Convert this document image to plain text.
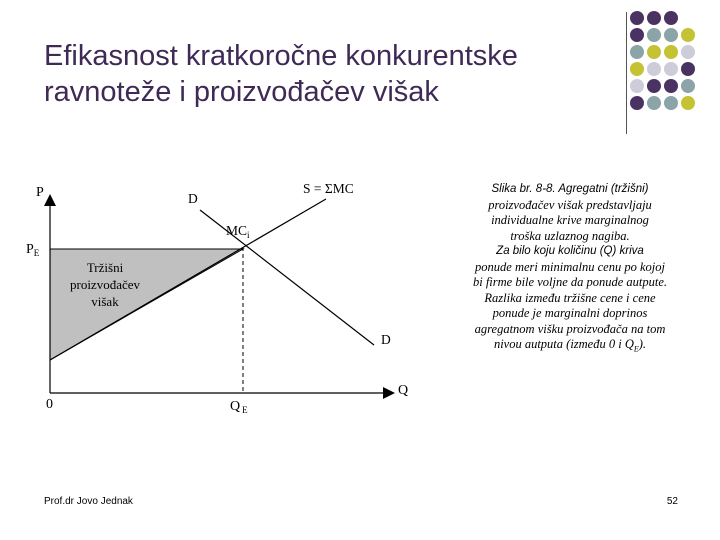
Efikasnost kratkoročne konkurentske
ravnoteže i proizvođačev višak
P
Q
0
$P_E$
Q $_E$
S = ΣMC
D
D
$MC_i$
Tržišni
proizvođačev
višak
Slika br. 8-8. Agregatni (tržišni)
proizvođačev višak predstavljaju
individualne krive marginalnog
troška uzlaznog nagiba.
Za bilo koju količinu (Q) kriva
ponude meri minimalnu cenu po kojoj
bi firme bile voljne da ponude autpute.
Razlika između tržišne cene i cene
ponude je marginalni doprinos
agregatnom višku proizvođača na tom
nivou autputa (između 0 i $Q_E$).
Prof.dr Jovo Jednak	52
